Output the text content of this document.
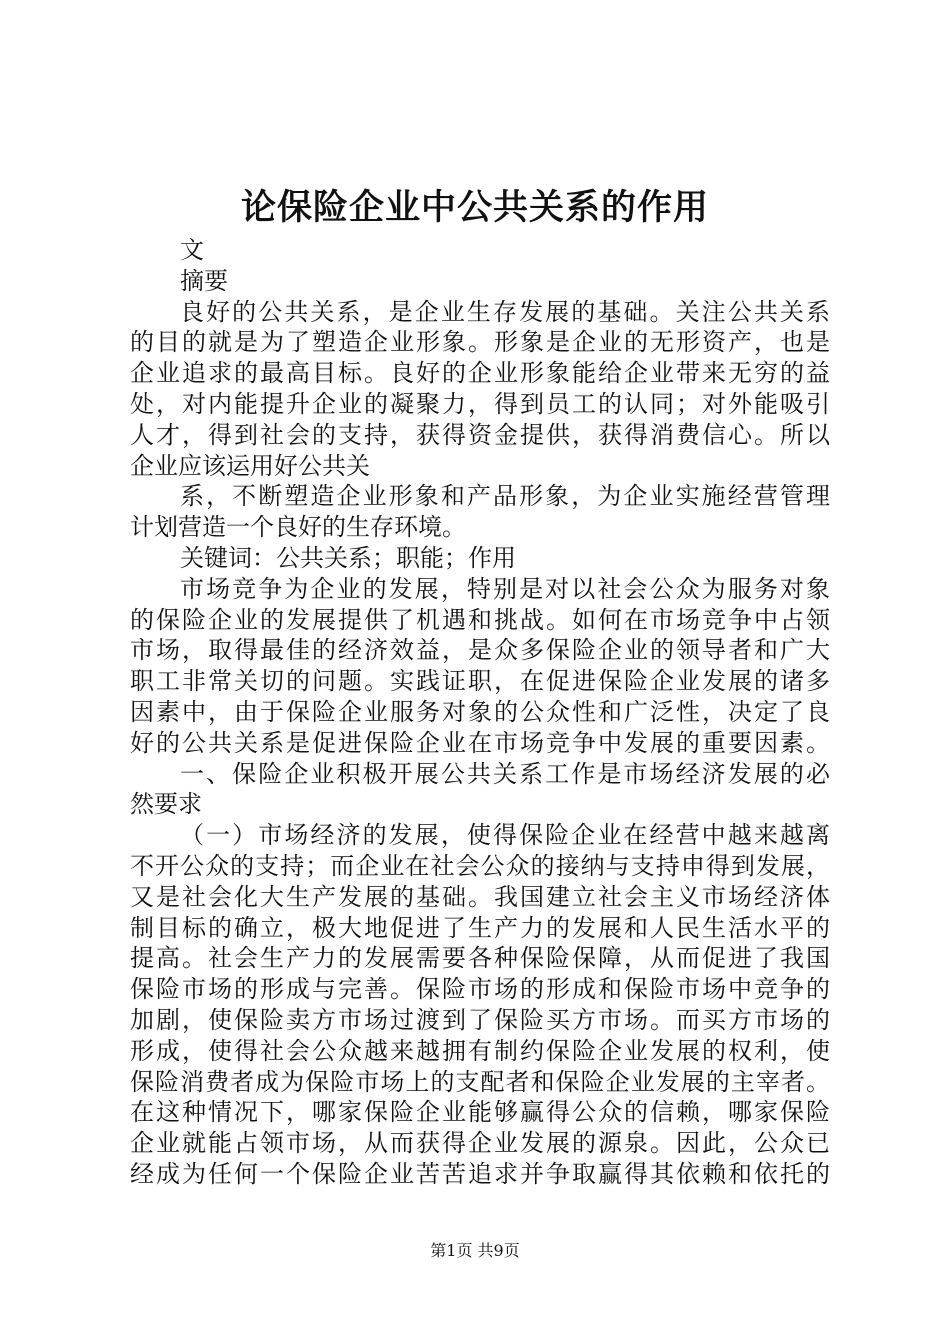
论保险企业中公共关系的作用
文
摘要
良好的公共关系，是企业生存发展的基础。关注公共关系
的目的就是为了塑造企业形象。形象是企业的无形资产，也是
企业追求的最高目标。良好的企业形象能给企业带来无穷的益
处，对内能提升企业的凝聚力，得到员工的认同；对外能吸引
人才，得到社会的支持，获得资金提供，获得消费信心。所以
企业应该运用好公共关
系，不断塑造企业形象和产品形象，为企业实施经营管理
计划营造一个良好的生存环境。
关键词：公共关系；职能；作用
市场竞争为企业的发展，特别是对以社会公众为服务对象
的保险企业的发展提供了机遇和挑战。如何在市场竞争中占领
市场，取得最佳的经济效益，是众多保险企业的领导者和广大
职工非常关切的问题。实践证职，在促进保险企业发展的诸多
因素中，由于保险企业服务对象的公众性和广泛性，决定了良
好的公共关系是促进保险企业在市场竞争中发展的重要因素。
一、保险企业积极开展公共关系工作是市场经济发展的必
然要求
（一）市场经济的发展，使得保险企业在经营中越来越离
不开公众的支持；而企业在社会公众的接纳与支持申得到发展，
又是社会化大生产发展的基础。我国建立社会主义市场经济体
制目标的确立，极大地促进了生产力的发展和人民生活水平的
提高。社会生产力的发展需要各种保险保障，从而促进了我国
保险市场的形成与完善。保险市场的形成和保险市场中竞争的
加剧，使保险卖方市场过渡到了保险买方市场。而买方市场的
形成，使得社会公众越来越拥有制约保险企业发展的权利，使
保险消费者成为保险市场上的支配者和保险企业发展的主宰者。
在这种情况下，哪家保险企业能够赢得公众的信赖，哪家保险
企业就能占领市场，从而获得企业发展的源泉。因此，公众已
经成为任何一个保险企业苦苦追求并争取赢得其依赖和依托的

第1页 共9页
